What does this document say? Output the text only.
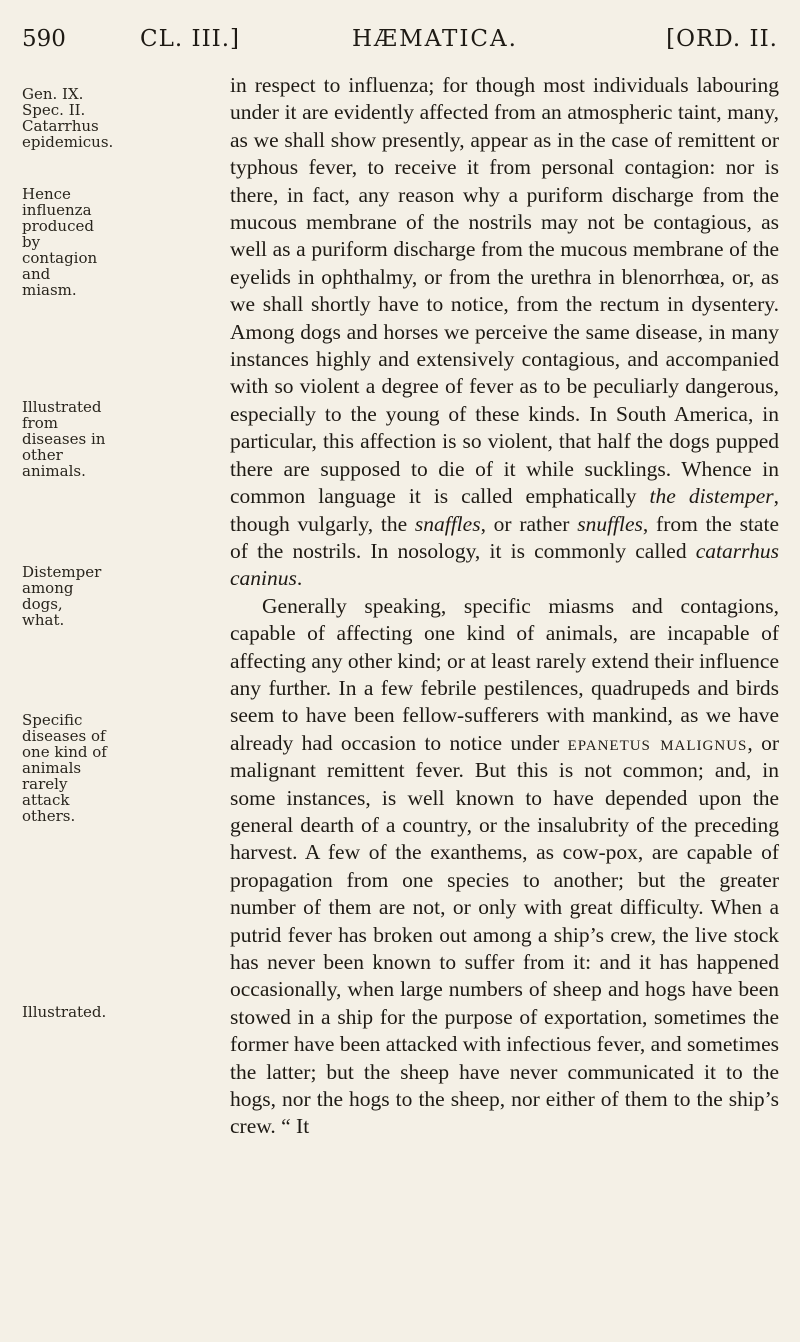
590	CL. III.]	HÆMATICA.	[ORD. II.
Gen. IX. Spec. II. Catarrhus epidemicus.
Hence influenza produced by contagion and miasm.
Illustrated from diseases in other animals.
Distemper among dogs, what.
Specific diseases of one kind of animals rarely attack others.
Illustrated.

in respect to influenza; for though most individuals labouring under it are evidently affected from an atmospheric taint, many, as we shall show presently, appear as in the case of remittent or typhous fever, to receive it from personal contagion: nor is there, in fact, any reason why a puriform discharge from the mucous membrane of the nostrils may not be contagious, as well as a puriform discharge from the mucous membrane of the eyelids in ophthalmy, or from the urethra in blenorrhœa, or, as we shall shortly have to notice, from the rectum in dysentery. Among dogs and horses we perceive the same disease, in many instances highly and extensively contagious, and accompanied with so violent a degree of fever as to be peculiarly dangerous, especially to the young of these kinds. In South America, in particular, this affection is so violent, that half the dogs pupped there are supposed to die of it while sucklings. Whence in common language it is called emphatically the distemper, though vulgarly, the snaffles, or rather snuffles, from the state of the nostrils. In nosology, it is commonly called catarrhus caninus.

Generally speaking, specific miasms and contagions, capable of affecting one kind of animals, are incapable of affecting any other kind; or at least rarely extend their influence any further. In a few febrile pestilences, quadrupeds and birds seem to have been fellow-sufferers with mankind, as we have already had occasion to notice under epanetus malignus, or malignant remittent fever. But this is not common; and, in some instances, is well known to have depended upon the general dearth of a country, or the insalubrity of the preceding harvest. A few of the exanthems, as cow-pox, are capable of propagation from one species to another; but the greater number of them are not, or only with great difficulty. When a putrid fever has broken out among a ship’s crew, the live stock has never been known to suffer from it: and it has happened occasionally, when large numbers of sheep and hogs have been stowed in a ship for the purpose of exportation, sometimes the former have been attacked with infectious fever, and sometimes the latter; but the sheep have never communicated it to the hogs, nor the hogs to the sheep, nor either of them to the ship’s crew. “ It
